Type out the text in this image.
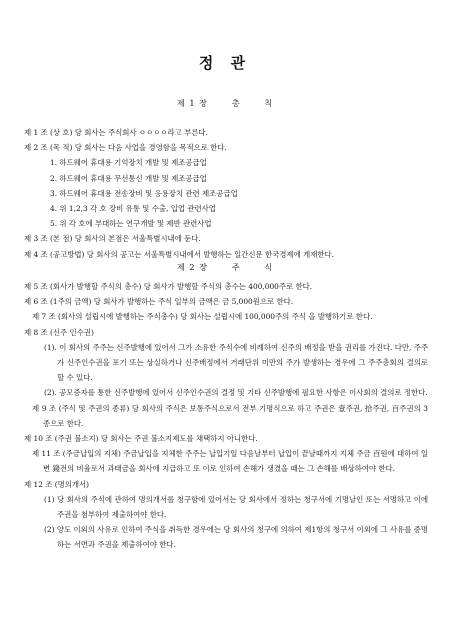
정 관
제 1 장	총	칙
제 1 조 (상 호) 당 회사는 주식회사 ㅇㅇㅇㅇ라고 부른다.
제 2 조 (목 적) 당 회사는 다음 사업을 경영함을 목적으로 한다.
1. 하드웨어 휴대용 기억장치 개발 및 제조공급업
2. 하드웨어 휴대용 무선통신 개발 및 제조공급업
3. 하드웨어 휴대용 전송장비 및 응용장치 관련 제조공급업
4. 위 1,2,3 각 호 장비 유통 및 수출, 입업 관련사업
5. 위 각 호에 부대하는 연구개발 및 제반 관련사업
제 3 조 (본 점) 당 회사의 본점은 서울특별시내에 둔다.
제 4 조 (공고방법) 당 회사의 공고는 서울특별시내에서 발행하는 일간신문 한국경제에 게재한다.
제 2 장	주	식
제 5 조 (회사가 발행할 주식의 총수) 당 회사가 발행할 주식의 총수는 400,000주로 한다.
제 6 조 (1주의 금액) 당 회사가 발행하는 주식 일부의 금액은 금 5,000원으로 한다.
제 7 조 (회사의 설립시에 발행하는 주식총수) 당 회사는 설립시에 100,000주의 주식 을 발행하기로 한다.
제 8 조 (신주 인수권)
(1). 이 회사의 주주는 신주발행에 있어서 그가 소유한 주식수에 비례하여 신주의 배정을 받을 권리를 가진다. 다만, 주주가 신주인수권을 포기 또는 상실하거나 신주배정에서 거래단위 미만의 주가 발생하는 경우에 그 주주총회의 결의로 할 수 있다.
(2). 공모증자를 통한 신주발행에 있어서 신주인수권의 결정 및 기타 신주발행에 필요한 사항은 이사회의 결의로 정한다.
제 9 조 (주식 및 주권의 종류) 당 회사의 주식은 보통주식으로서 전부 기명식으로 하고 주권은 壹주권, 拾주권, 百주권의 3종으로 한다.
제 10 조 (주권 불소지) 당 회사는 주권 불소지제도를 채택하지 아니한다.
제 11 조 (주금납입의 지체) 주금납입을 지체한 주주는 납입기일 다음날부터 납입이 끝날때까지 지체 주금 百원에 대하여 일변 錢전의 비율로서 과태금을 회사에 지급하고 또 이로 인하여 손해가 생겼을 때는 그 손해를 배상하여야 한다.
제 12 조 (명의개서)
(1) 당 회사의 주식에 관하여 명의개서를 청구함에 있어서는 당 회사에서 정하는 청구서에 기명날인 또는 서명하고 이에 주권을 첨부하여 제출하여야 한다.
(2) 양도 이외의 사유로 인하여 주식을 취득한 경우에는 당 회사의 청구에 의하여 제1항의 청구서 이외에 그 사유를 증명하는 서면과 주권을 제출하여야 한다.
